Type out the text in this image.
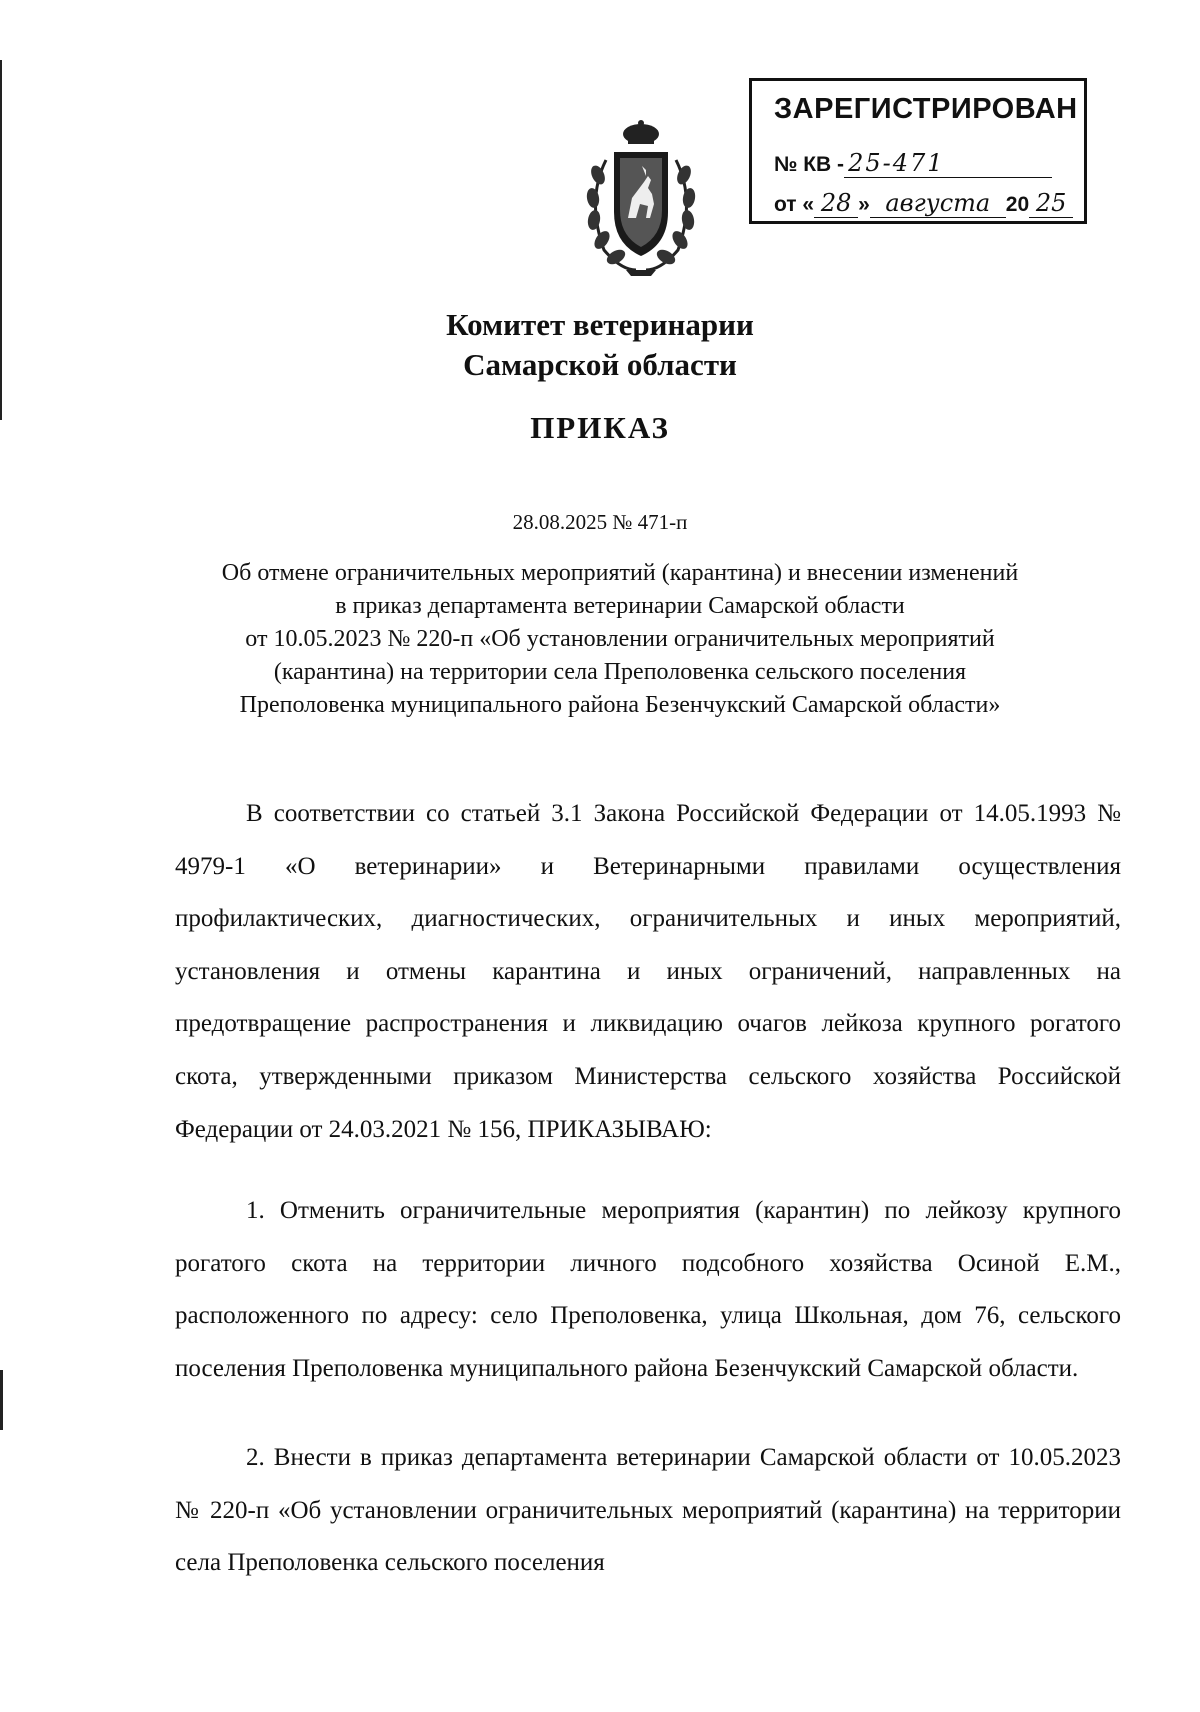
ЗАРЕГИСТРИРОВАН
№ КВ - 25-471
от « 28 » августа 20 25
Комитет ветеринарии
Самарской области
ПРИКАЗ
28.08.2025 № 471-п
Об отмене ограничительных мероприятий (карантина) и внесении изменений
в приказ департамента ветеринарии Самарской области
от 10.05.2023 № 220-п «Об установлении ограничительных мероприятий
(карантина) на территории села Преполовенка сельского поселения
Преполовенка муниципального района Безенчукский Самарской области»
В соответствии со статьей 3.1 Закона Российской Федерации от 14.05.1993 № 4979-1 «О ветеринарии» и Ветеринарными правилами осуществления профилактических, диагностических, ограничительных и иных мероприятий, установления и отмены карантина и иных ограничений, направленных на предотвращение распространения и ликвидацию очагов лейкоза крупного рогатого скота, утвержденными приказом Министерства сельского хозяйства Российской Федерации от 24.03.2021 № 156, ПРИКАЗЫВАЮ:
1. Отменить ограничительные мероприятия (карантин) по лейкозу крупного рогатого скота на территории личного подсобного хозяйства Осиной Е.М., расположенного по адресу: село Преполовенка, улица Школьная, дом 76, сельского поселения Преполовенка муниципального района Безенчукский Самарской области.
2. Внести в приказ департамента ветеринарии Самарской области от 10.05.2023 № 220-п «Об установлении ограничительных мероприятий (карантина) на территории села Преполовенка сельского поселения
